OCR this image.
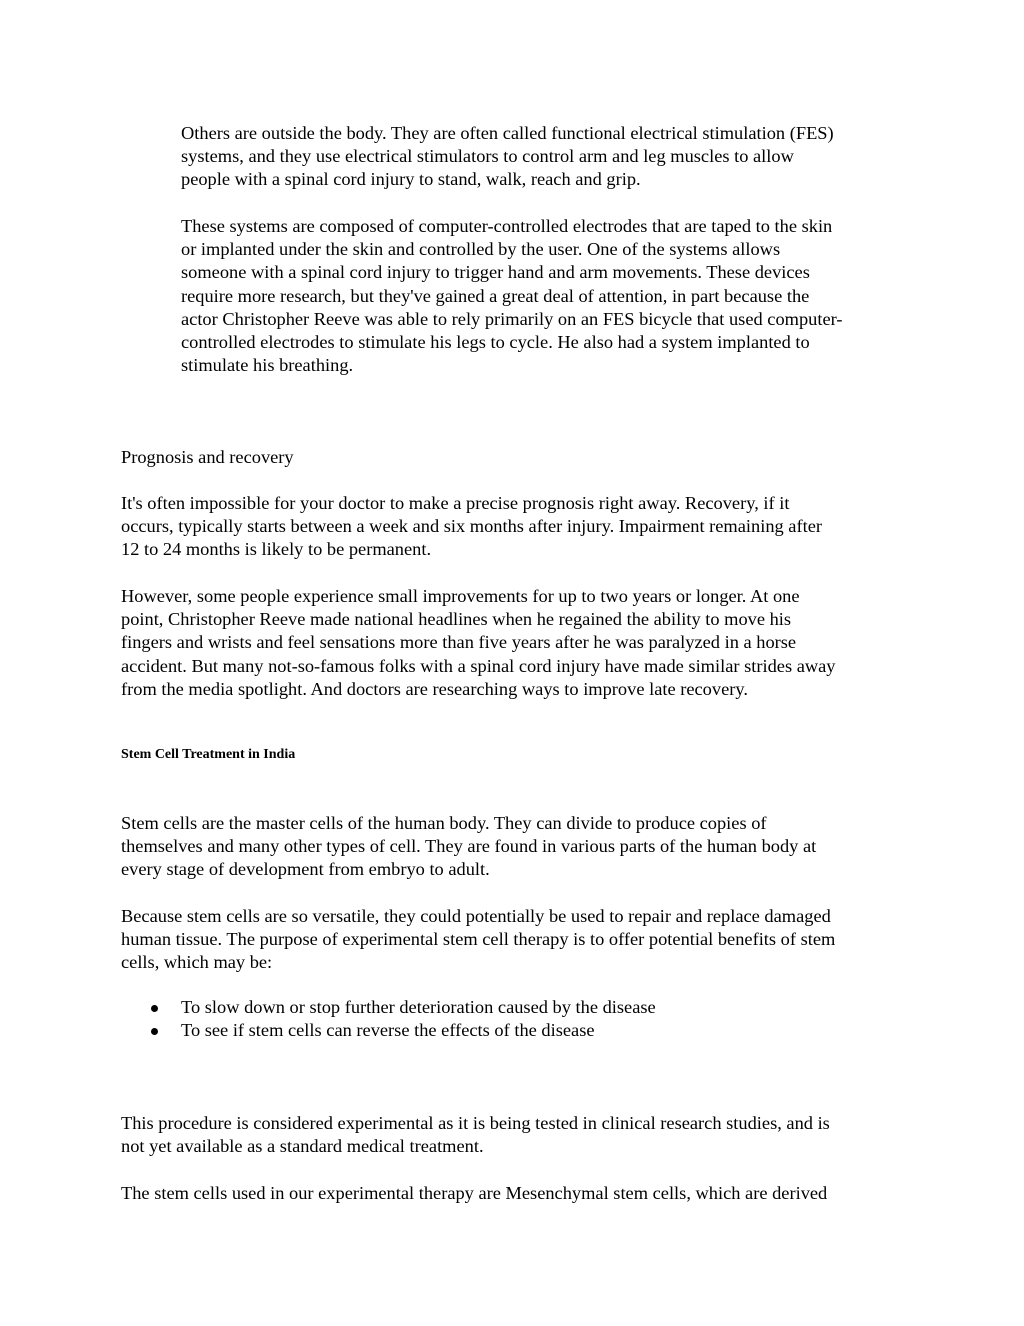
Others are outside the body. They are often called functional electrical stimulation (FES)
systems, and they use electrical stimulators to control arm and leg muscles to allow
people with a spinal cord injury to stand, walk, reach and grip.
These systems are composed of computer-controlled electrodes that are taped to the skin
or implanted under the skin and controlled by the user. One of the systems allows
someone with a spinal cord injury to trigger hand and arm movements. These devices
require more research, but they've gained a great deal of attention, in part because the
actor Christopher Reeve was able to rely primarily on an FES bicycle that used computer-
controlled electrodes to stimulate his legs to cycle. He also had a system implanted to
stimulate his breathing.
Prognosis and recovery
It's often impossible for your doctor to make a precise prognosis right away. Recovery, if it
occurs, typically starts between a week and six months after injury. Impairment remaining after
12 to 24 months is likely to be permanent.
However, some people experience small improvements for up to two years or longer. At one
point, Christopher Reeve made national headlines when he regained the ability to move his
fingers and wrists and feel sensations more than five years after he was paralyzed in a horse
accident. But many not-so-famous folks with a spinal cord injury have made similar strides away
from the media spotlight. And doctors are researching ways to improve late recovery.
Stem Cell Treatment in India
Stem cells are the master cells of the human body. They can divide to produce copies of
themselves and many other types of cell. They are found in various parts of the human body at
every stage of development from embryo to adult.
Because stem cells are so versatile, they could potentially be used to repair and replace damaged
human tissue. The purpose of experimental stem cell therapy is to offer potential benefits of stem
cells, which may be:
To slow down or stop further deterioration caused by the disease
To see if stem cells can reverse the effects of the disease
This procedure is considered experimental as it is being tested in clinical research studies, and is
not yet available as a standard medical treatment.
The stem cells used in our experimental therapy are Mesenchymal stem cells, which are derived
